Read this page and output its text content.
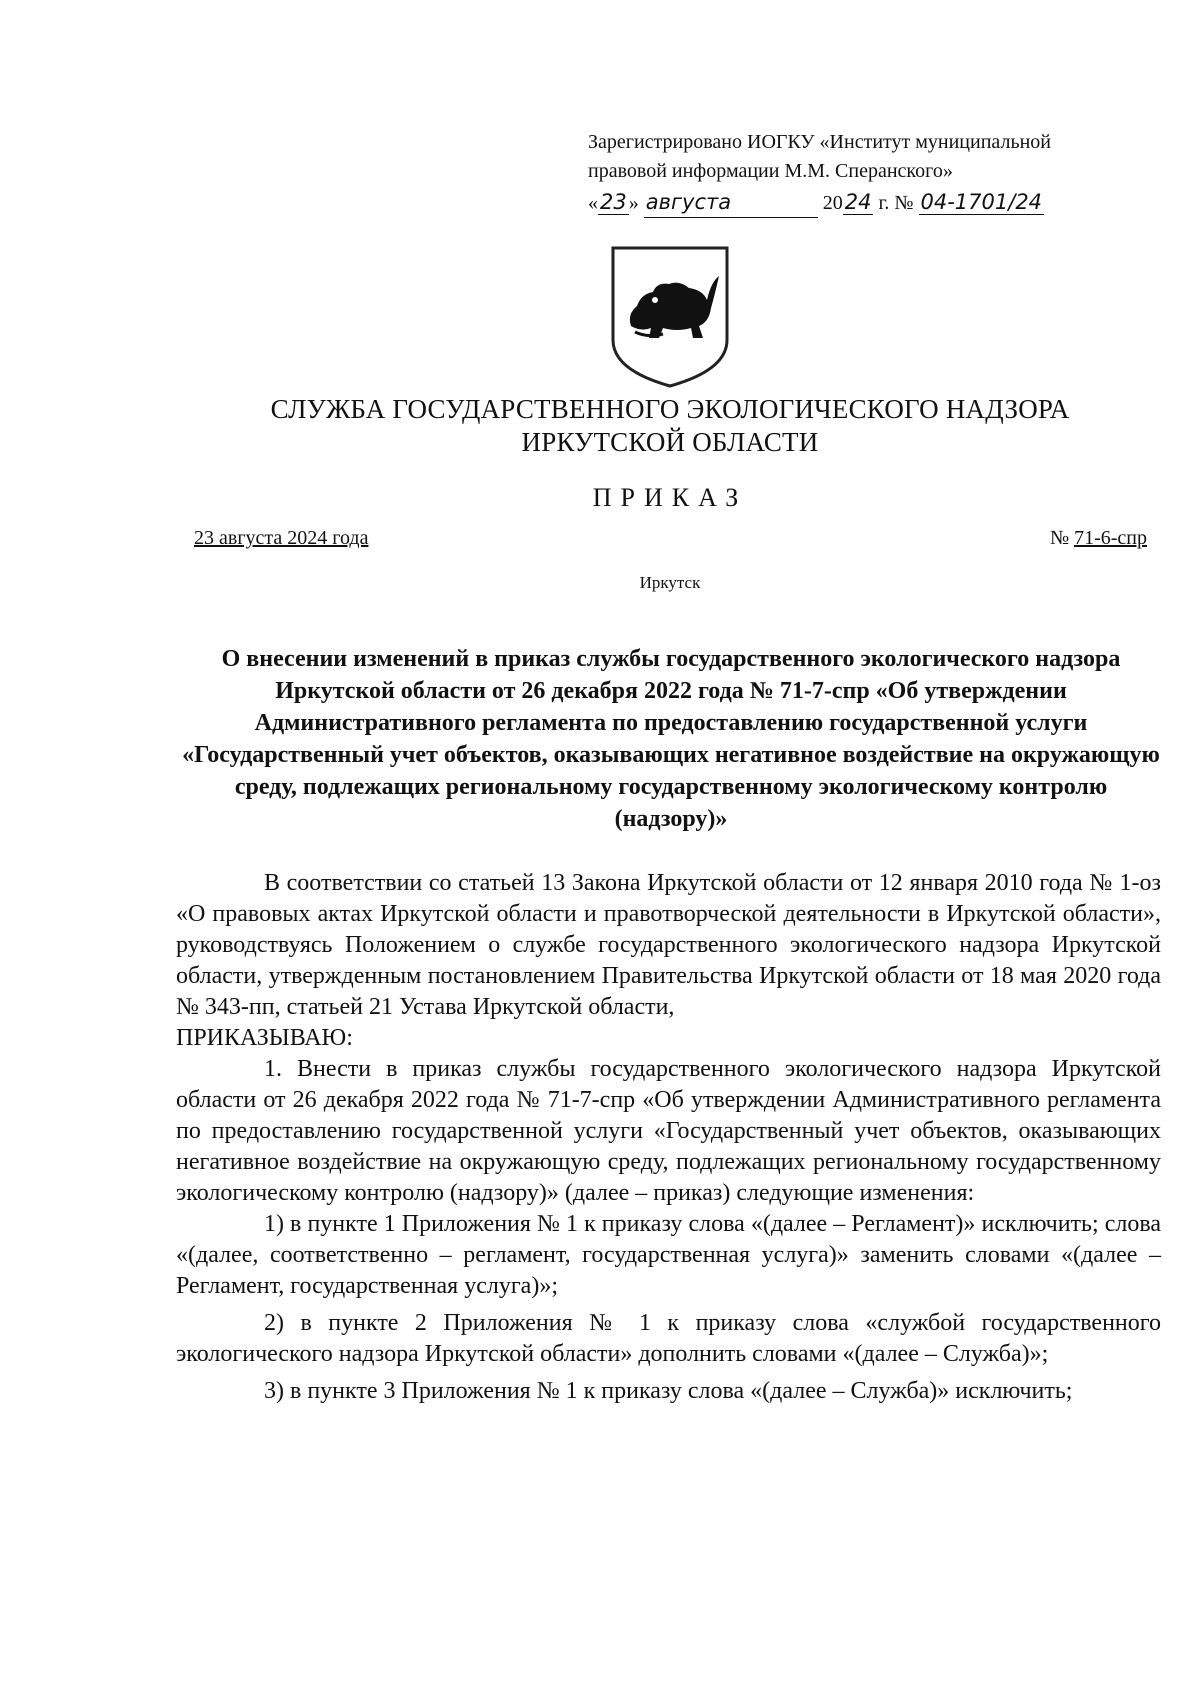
Зарегистрировано ИОГКУ «Институт муниципальной
правовой информации М.М. Сперанского»
«23 » августа	2024 г. № 04-1701/24
СЛУЖБА ГОСУДАРСТВЕННОГО ЭКОЛОГИЧЕСКОГО НАДЗОРА
ИРКУТСКОЙ ОБЛАСТИ
ПРИКАЗ
23 августа 2024 года	№ 71-6-спр
Иркутск
О внесении изменений в приказ службы государственного экологического надзора Иркутской области от 26 декабря 2022 года № 71-7-спр «Об утверждении Административного регламента по предоставлению государственной услуги «Государственный учет объектов, оказывающих негативное воздействие на окружающую среду, подлежащих региональному государственному экологическому контролю (надзору)»

В соответствии со статьей 13 Закона Иркутской области от 12 января 2010 года № 1-оз «О правовых актах Иркутской области и правотворческой деятельности в Иркутской области», руководствуясь Положением о службе государственного экологического надзора Иркутской области, утвержденным постановлением Правительства Иркутской области от 18 мая 2020 года № 343-пп, статьей 21 Устава Иркутской области,

ПРИКАЗЫВАЮ:

1. Внести в приказ службы государственного экологического надзора Иркутской области от 26 декабря 2022 года № 71-7-спр «Об утверждении Административного регламента по предоставлению государственной услуги «Государственный учет объектов, оказывающих негативное воздействие на окружающую среду, подлежащих региональному государственному экологическому контролю (надзору)» (далее – приказ) следующие изменения:

1) в пункте 1 Приложения № 1 к приказу слова «(далее – Регламент)» исключить; слова «(далее, соответственно – регламент, государственная услуга)» заменить словами «(далее – Регламент, государственная услуга)»;

2) в пункте 2 Приложения № 1 к приказу слова «службой государственного экологического надзора Иркутской области» дополнить словами «(далее – Служба)»;

3) в пункте 3 Приложения № 1 к приказу слова «(далее – Служба)» исключить;
